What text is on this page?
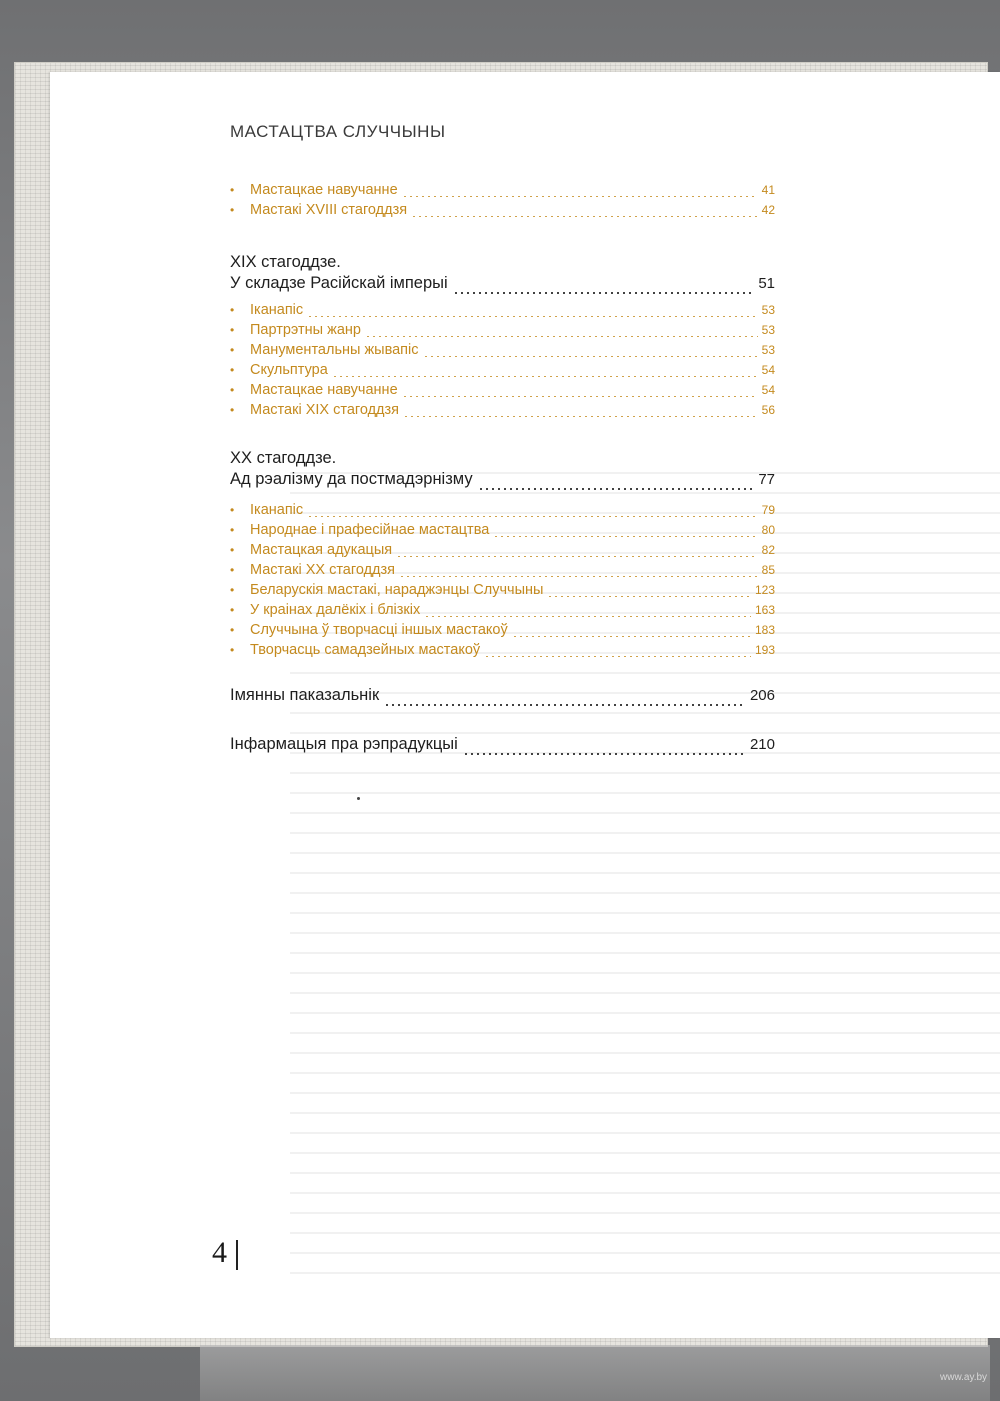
МАСТАЦТВА СЛУЧЧЫНЫ
•	Мастацкае навучанне	41
•	Мастакі XVIII стагоддзя	42
XIX стагоддзе.
У складзе Расійскай імперыі	51
•	Іканапіс	53
•	Партрэтны жанр	53
•	Манументальны жывапіс	53
•	Скульптура	54
•	Мастацкае навучанне	54
•	Мастакі XIX стагоддзя	56
XX стагоддзе.
Ад рэалізму да постмадэрнізму	77
•	Іканапіс	79
•	Народнае і прафесійнае мастацтва	80
•	Мастацкая адукацыя	82
•	Мастакі XX стагоддзя	85
•	Беларускія мастакі, нараджэнцы Случчыны	123
•	У краінах далёкіх і блізкіх	163
•	Случчына ў творчасці іншых мастакоў	183
•	Творчасць самадзейных мастакоў	193
Імянны паказальнік	206
Інфармацыя пра рэпрадукцыі	210
4
www.ay.by
